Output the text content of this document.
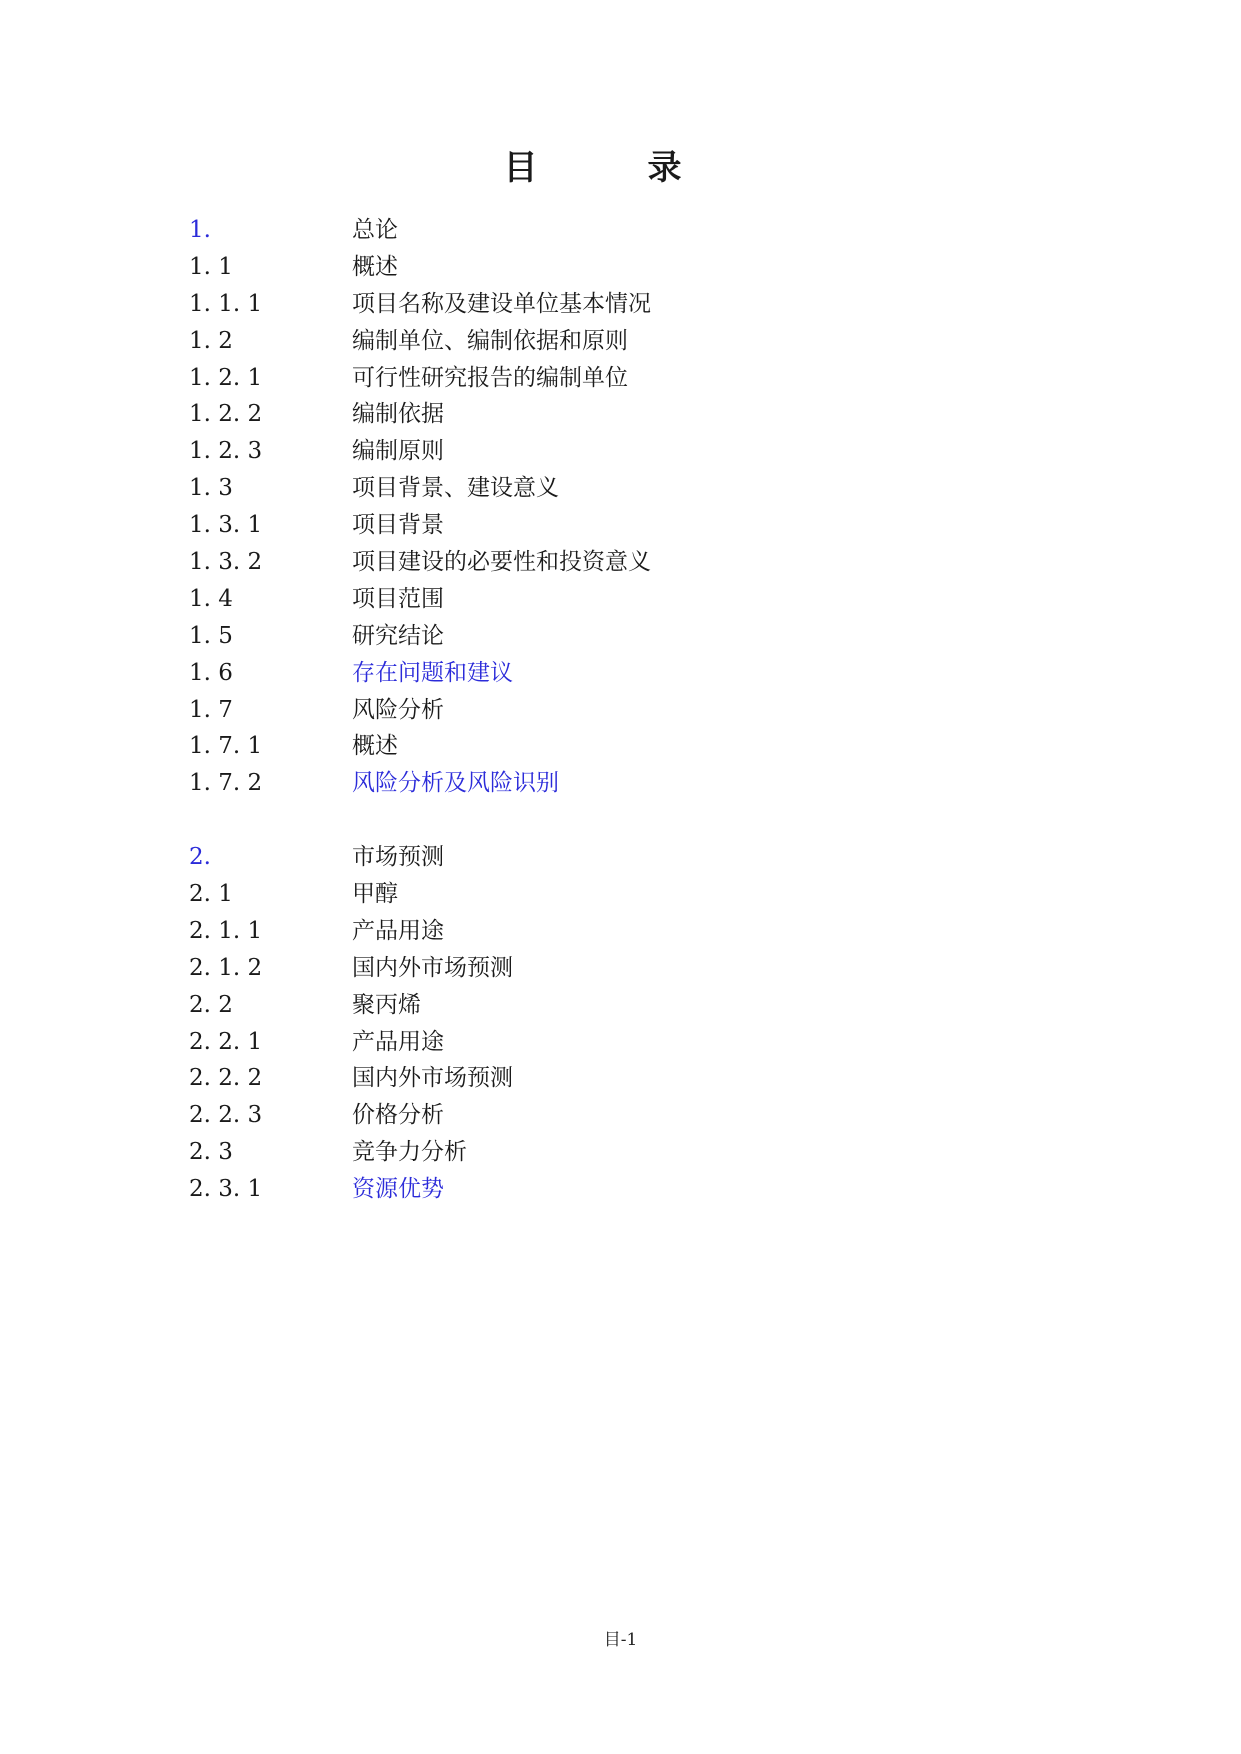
目　录
1.	总论
1. 1	概述
1. 1. 1	项目名称及建设单位基本情况
1. 2	编制单位、编制依据和原则
1. 2. 1	可行性研究报告的编制单位
1. 2. 2	编制依据
1. 2. 3	编制原则
1. 3	项目背景、建设意义
1. 3. 1	项目背景
1. 3. 2	项目建设的必要性和投资意义
1. 4	项目范围
1. 5	研究结论
1. 6	存在问题和建议
1. 7	风险分析
1. 7. 1	概述
1. 7. 2	风险分析及风险识别
2.	市场预测
2. 1	甲醇
2. 1. 1	产品用途
2. 1. 2	国内外市场预测
2. 2	聚丙烯
2. 2. 1	产品用途
2. 2. 2	国内外市场预测
2. 2. 3	价格分析
2. 3	竞争力分析
2. 3. 1	资源优势
目-1
